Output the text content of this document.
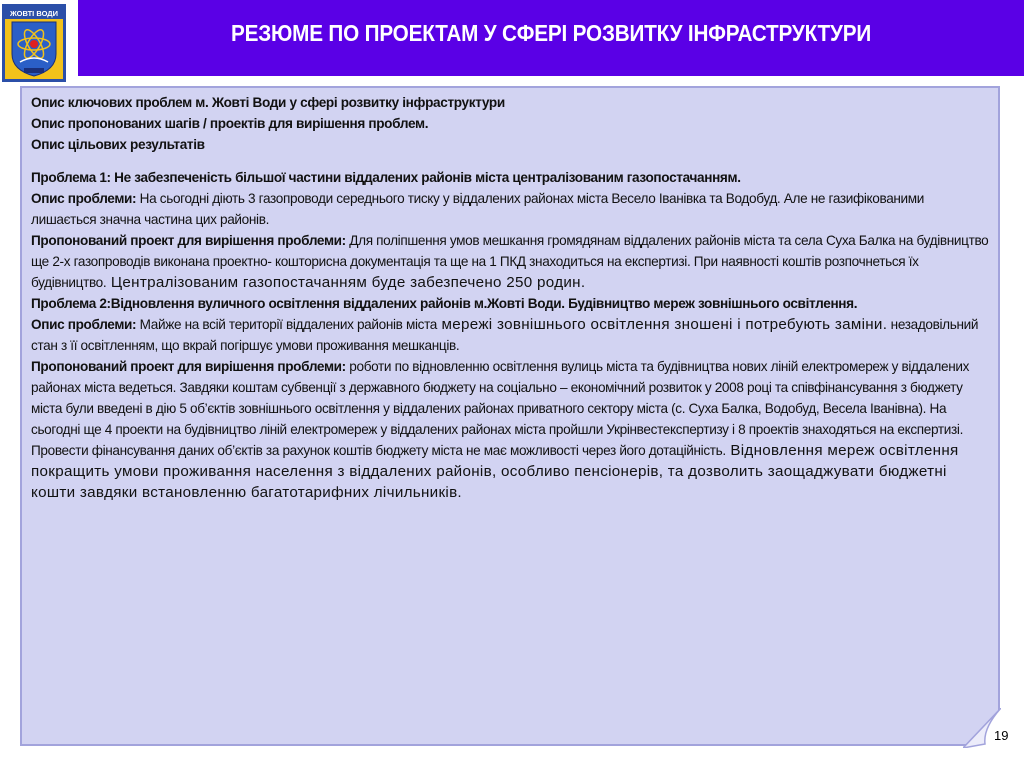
ЖОВТІ ВОДИ
РЕЗЮМЕ ПО ПРОЕКТАМ У СФЕРІ РОЗВИТКУ ІНФРАСТРУКТУРИ

Опис ключових проблем м. Жовті Води у сфері розвитку інфраструктури

Опис пропонованих шагів / проектів для вирішення проблем.

Опис цільових результатів

Проблема 1: Не забезпеченість більшої частини віддалених районів міста централізованим газопостачанням.

Опис проблеми: На сьогодні діють 3 газопроводи середнього тиску у віддалених районах міста Весело Іванівка та Водобуд. Але не газифікованими лишається значна частина цих районів.

Пропонований проект для вирішення проблеми: Для поліпшення умов мешкання громядянам віддалених районів міста та села Суха Балка на будівництво ще 2-х газопроводів виконана проектно- кошторисна документація та ще на 1 ПКД знаходиться на експертизі. При наявності коштів розпочнеться їх будівництво. Централізованим газопостачанням буде забезпечено 250 родин.

Проблема 2:Відновлення вуличного освітлення віддалених районів м.Жовті Води. Будівництво мереж зовнішнього освітлення.

Опис проблеми: Майже на всій території віддалених районів міста мережі зовнішнього освітлення зношені і потребують заміни. незадовільний стан з її освітленням, що вкрай погіршує умови проживання мешканців.

Пропонований проект для вирішення проблеми: роботи по відновленню освітлення вулиць міста та будівництва нових ліній електромереж у віддалених районах міста ведеться. Завдяки коштам субвенції з державного бюджету на соціально – економічний розвиток у 2008 році та співфінансування з бюджету міста були введені в дію 5 об’єктів зовнішнього освітлення у віддалених районах приватного сектору міста (с. Суха Балка, Водобуд, Весела Іванівна). На сьогодні ще 4 проекти на будівництво ліній електромереж у віддалених районах міста пройшли Укрінвестекспертизу і 8 проектів знаходяться на експертизі. Провести фінансування даних об’єктів за рахунок коштів бюджету міста не має можливості через його дотаційність. Відновлення мереж освітлення покращить умови проживання населення з віддалених районів, особливо пенсіонерів, та дозволить заощаджувати бюджетні кошти завдяки встановленню багатотарифних лічильників.

19
